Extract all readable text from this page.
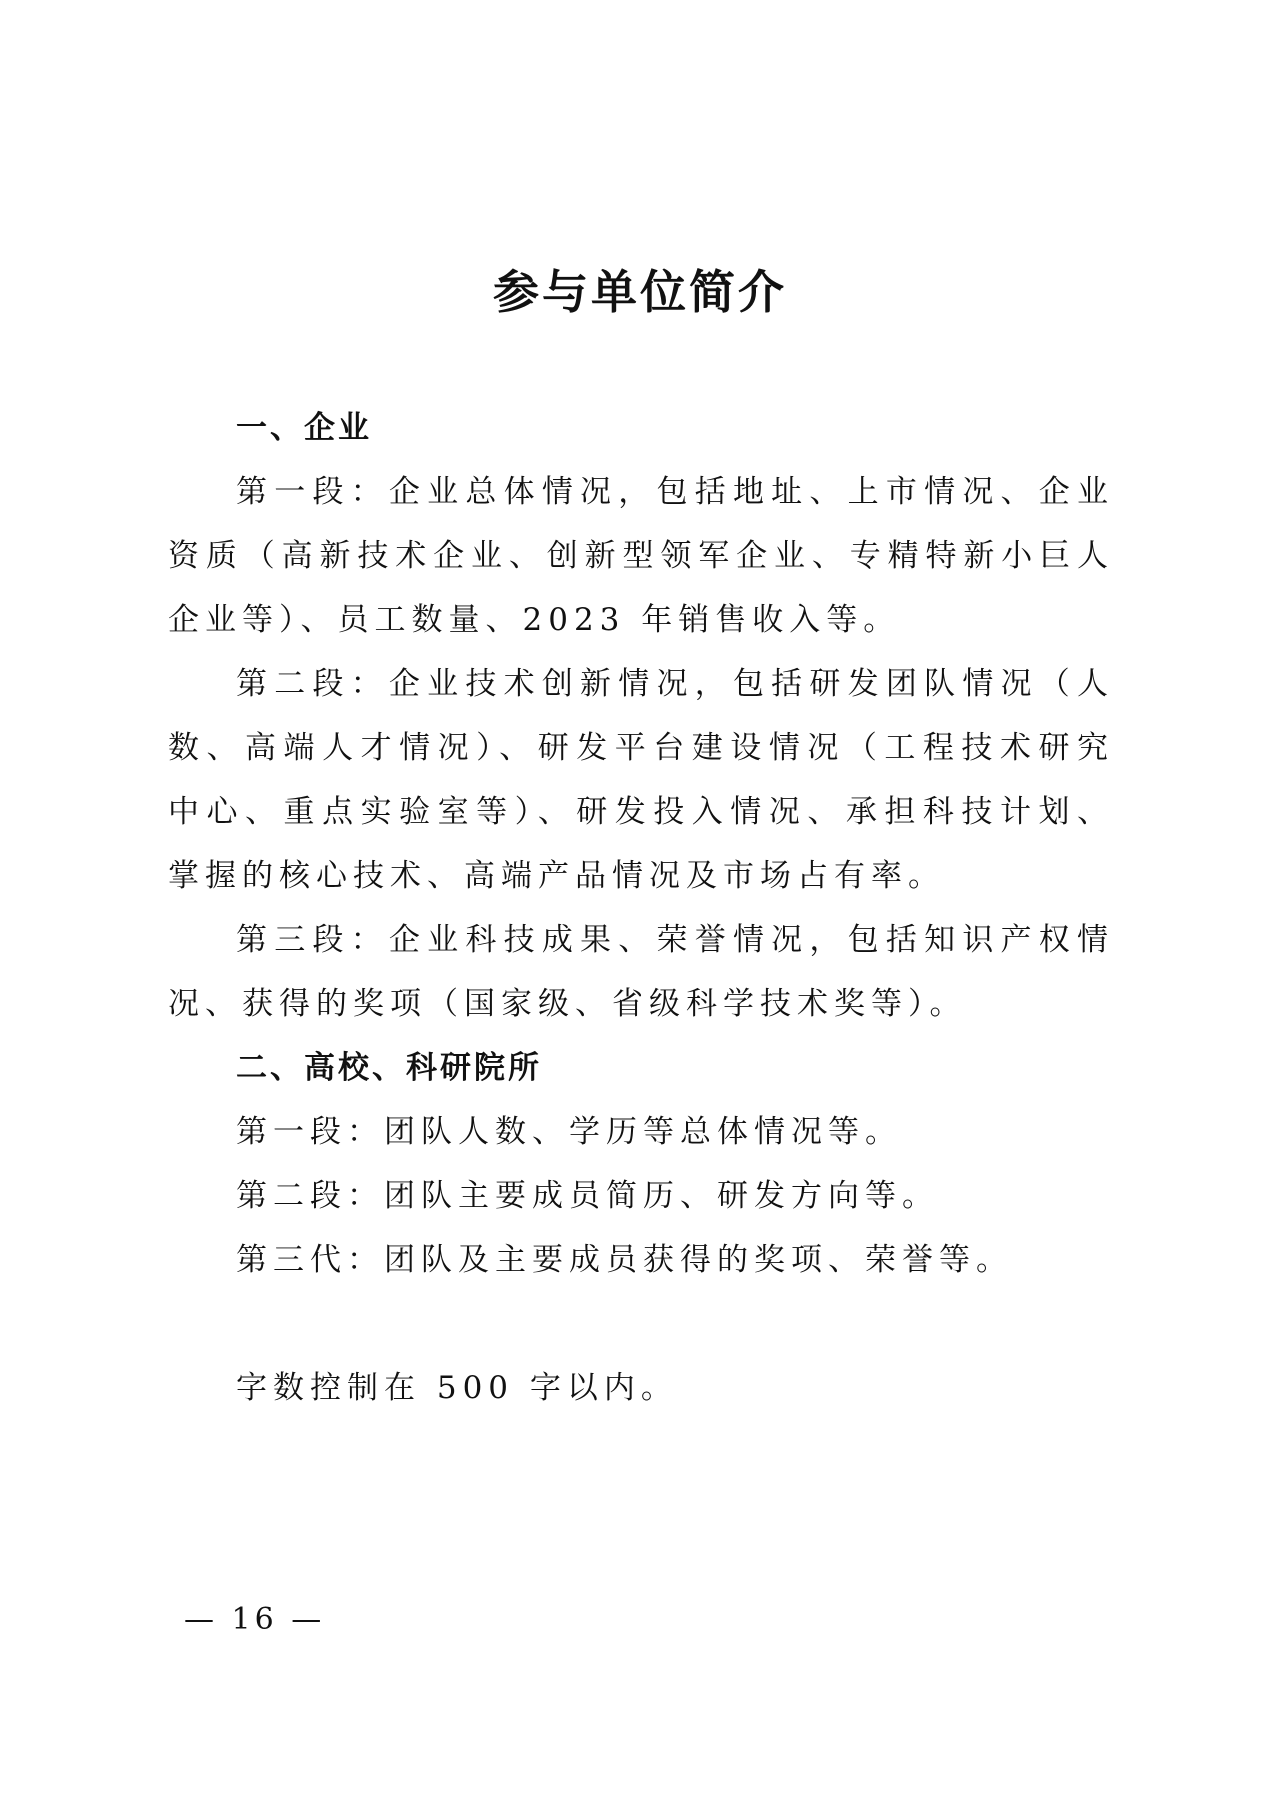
参与单位简介
一、企业

第一段：企业总体情况，包括地址、上市情况、企业资质（高新技术企业、创新型领军企业、专精特新小巨人企业等）、员工数量、2023 年销售收入等。

第二段：企业技术创新情况，包括研发团队情况（人数、高端人才情况）、研发平台建设情况（工程技术研究中心、重点实验室等）、研发投入情况、承担科技计划、掌握的核心技术、高端产品情况及市场占有率。

第三段：企业科技成果、荣誉情况，包括知识产权情况、获得的奖项（国家级、省级科学技术奖等）。

二、高校、科研院所

第一段：团队人数、学历等总体情况等。

第二段：团队主要成员简历、研发方向等。

第三代：团队及主要成员获得的奖项、荣誉等。

字数控制在 500 字以内。

— 16 —
